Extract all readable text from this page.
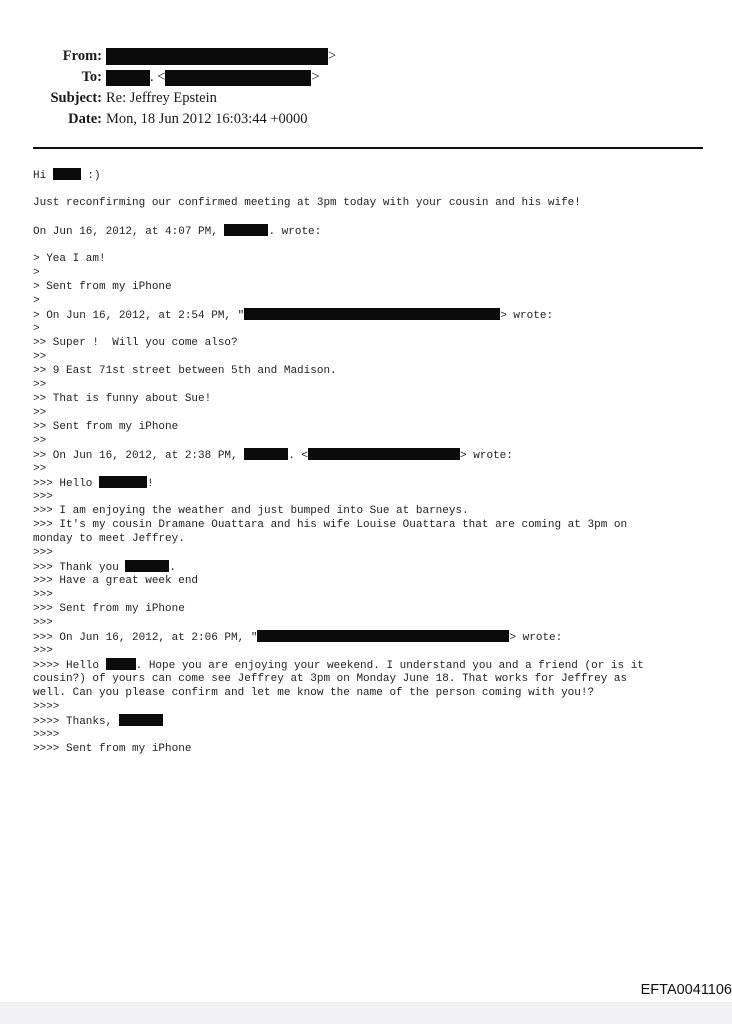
From:	>
To:	. <	>
Subject: Re: Jeffrey Epstein
Date: Mon, 18 Jun 2012 16:03:44 +0000
Hi	:)
Just reconfirming our confirmed meeting at 3pm today with your cousin and his wife!
On Jun 16, 2012, at 4:07 PM,	. wrote:
> Yea I am!
>
> Sent from my iPhone
>
> On Jun 16, 2012, at 2:54 PM, "	> wrote:
>
>> Super !  Will you come also?
>>
>> 9 East 71st street between 5th and Madison.
>>
>> That is funny about Sue!
>>
>> Sent from my iPhone
>>
>> On Jun 16, 2012, at 2:38 PM,	. <	> wrote:
>>
>>> Hello	!
>>>
>>> I am enjoying the weather and just bumped into Sue at barneys.
>>> It's my cousin Dramane Ouattara and his wife Louise Ouattara that are coming at 3pm on
monday to meet Jeffrey.
>>>
>>> Thank you	.
>>> Have a great week end
>>>
>>> Sent from my iPhone
>>>
>>> On Jun 16, 2012, at 2:06 PM, "	> wrote:
>>>
>>>> Hello	. Hope you are enjoying your weekend. I understand you and a friend (or is it
cousin?) of yours can come see Jeffrey at 3pm on Monday June 18. That works for Jeffrey as
well. Can you please confirm and let me know the name of the person coming with you!?
>>>>
>>>> Thanks,
>>>>
>>>> Sent from my iPhone
EFTA0041106
